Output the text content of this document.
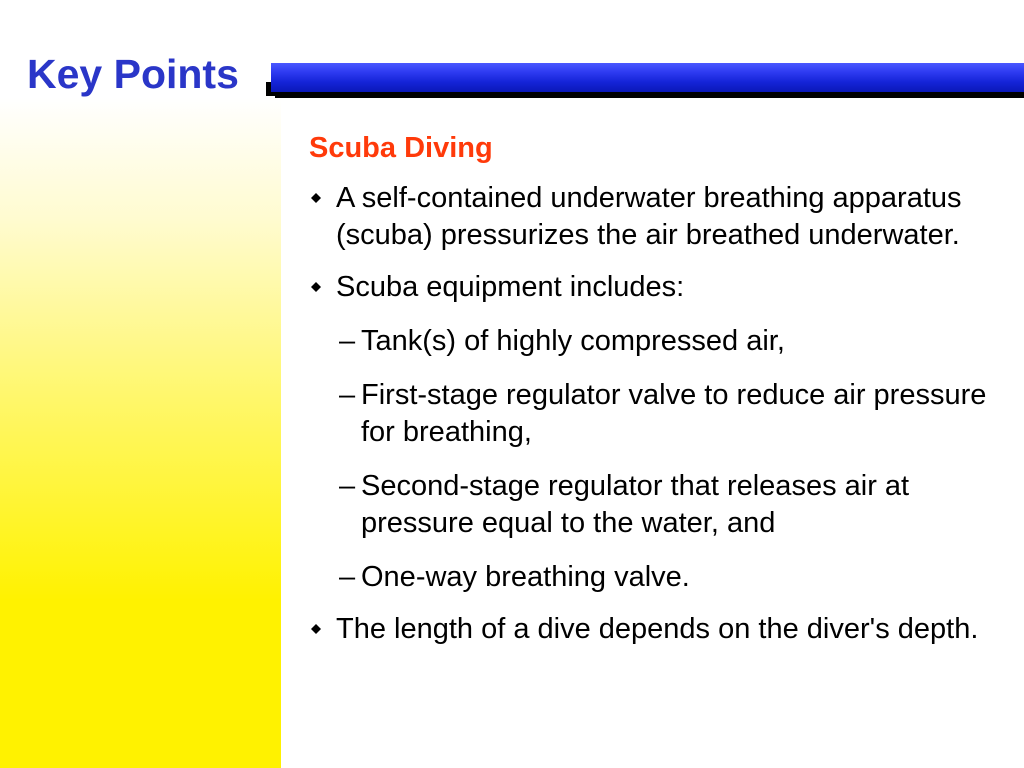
Key Points
Scuba Diving
A self-contained underwater breathing apparatus (scuba) pressurizes the air breathed underwater.
Scuba equipment includes:
– Tank(s) of highly compressed air,
– First-stage regulator valve to reduce air pressure for breathing,
– Second-stage regulator that releases air at pressure equal to the water, and
– One-way breathing valve.
The length of a dive depends on the diver's depth.
